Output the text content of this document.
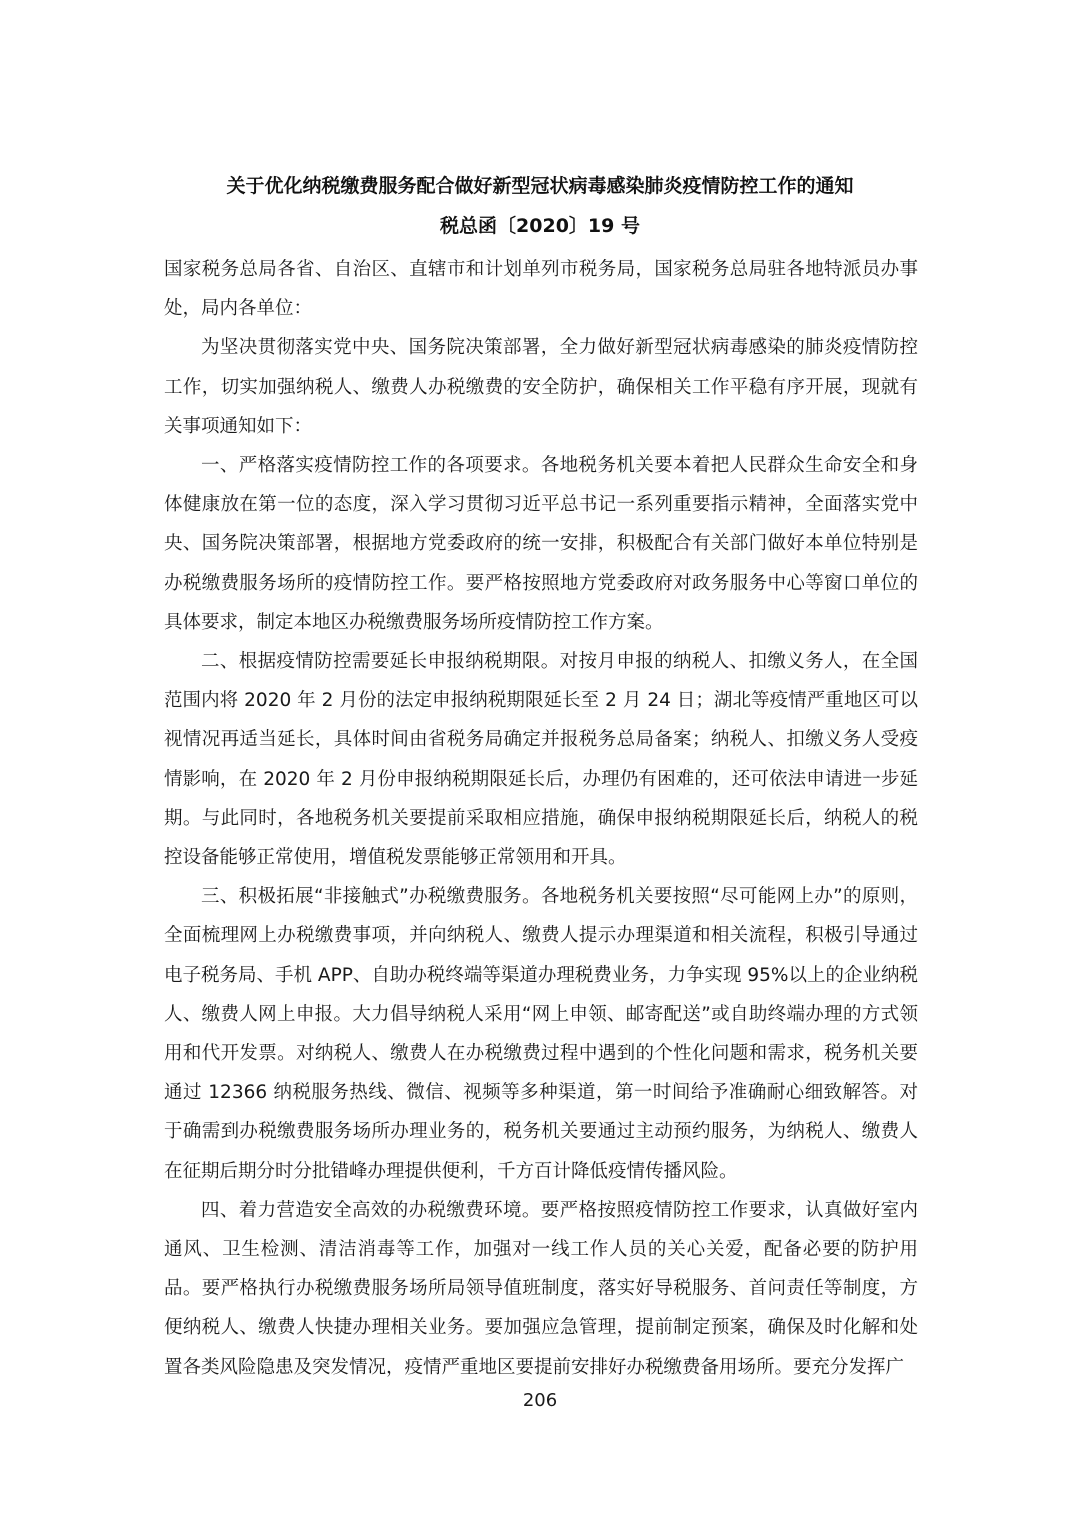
关于优化纳税缴费服务配合做好新型冠状病毒感染肺炎疫情防控工作的通知
税总函〔2020〕19 号

国家税务总局各省、自治区、直辖市和计划单列市税务局，国家税务总局驻各地特派员办事处，局内各单位：

为坚决贯彻落实党中央、国务院决策部署，全力做好新型冠状病毒感染的肺炎疫情防控工作，切实加强纳税人、缴费人办税缴费的安全防护，确保相关工作平稳有序开展，现就有关事项通知如下：

一、严格落实疫情防控工作的各项要求。各地税务机关要本着把人民群众生命安全和身体健康放在第一位的态度，深入学习贯彻习近平总书记一系列重要指示精神，全面落实党中央、国务院决策部署，根据地方党委政府的统一安排，积极配合有关部门做好本单位特别是办税缴费服务场所的疫情防控工作。要严格按照地方党委政府对政务服务中心等窗口单位的具体要求，制定本地区办税缴费服务场所疫情防控工作方案。

二、根据疫情防控需要延长申报纳税期限。对按月申报的纳税人、扣缴义务人，在全国范围内将 2020 年 2 月份的法定申报纳税期限延长至 2 月 24 日；湖北等疫情严重地区可以视情况再适当延长，具体时间由省税务局确定并报税务总局备案；纳税人、扣缴义务人受疫情影响，在 2020 年 2 月份申报纳税期限延长后，办理仍有困难的，还可依法申请进一步延期。与此同时，各地税务机关要提前采取相应措施，确保申报纳税期限延长后，纳税人的税控设备能够正常使用，增值税发票能够正常领用和开具。

三、积极拓展“非接触式”办税缴费服务。各地税务机关要按照“尽可能网上办”的原则，全面梳理网上办税缴费事项，并向纳税人、缴费人提示办理渠道和相关流程，积极引导通过电子税务局、手机 APP、自助办税终端等渠道办理税费业务，力争实现 95%以上的企业纳税人、缴费人网上申报。大力倡导纳税人采用“网上申领、邮寄配送”或自助终端办理的方式领用和代开发票。对纳税人、缴费人在办税缴费过程中遇到的个性化问题和需求，税务机关要通过 12366 纳税服务热线、微信、视频等多种渠道，第一时间给予准确耐心细致解答。对于确需到办税缴费服务场所办理业务的，税务机关要通过主动预约服务，为纳税人、缴费人在征期后期分时分批错峰办理提供便利，千方百计降低疫情传播风险。

四、着力营造安全高效的办税缴费环境。要严格按照疫情防控工作要求，认真做好室内通风、卫生检测、清洁消毒等工作，加强对一线工作人员的关心关爱，配备必要的防护用品。要严格执行办税缴费服务场所局领导值班制度，落实好导税服务、首问责任等制度，方便纳税人、缴费人快捷办理相关业务。要加强应急管理，提前制定预案，确保及时化解和处置各类风险隐患及突发情况，疫情严重地区要提前安排好办税缴费备用场所。要充分发挥广

206
